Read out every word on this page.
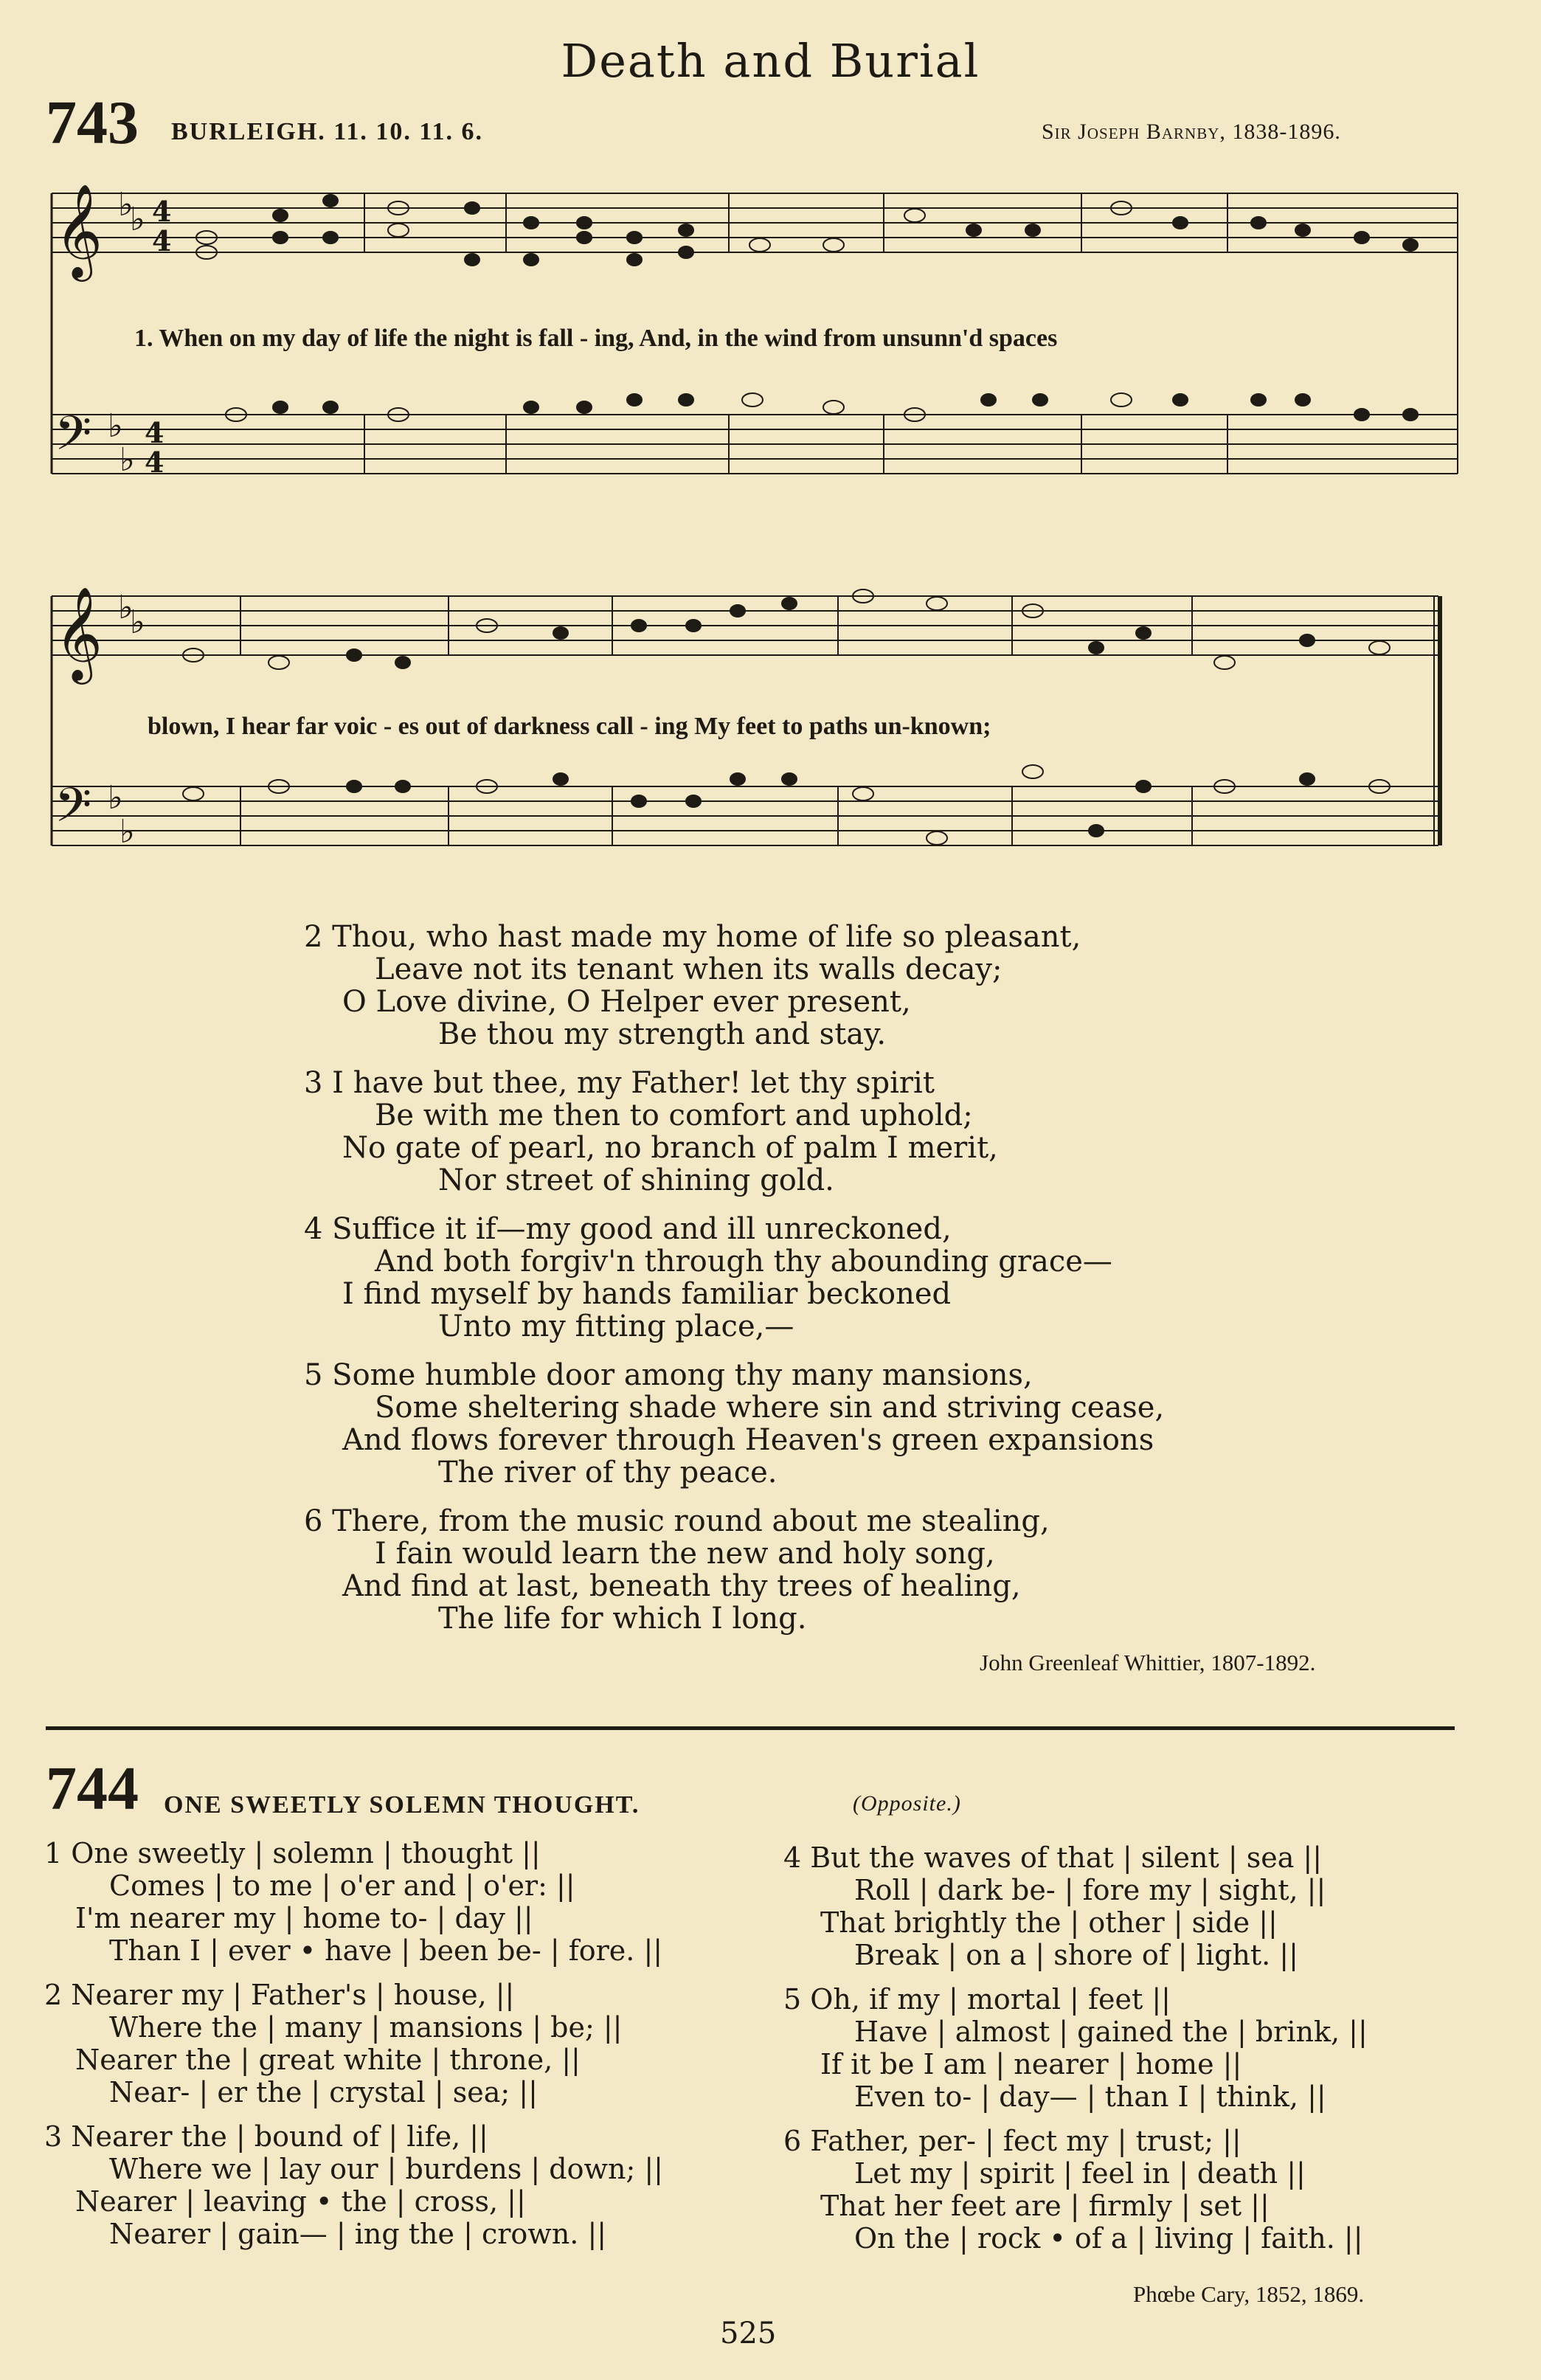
Death and Burial
743 BURLEIGH. 11. 10. 11. 6.	Sir Joseph Barnby, 1838-1896.
𝄞
𝄢
𝄞
𝄢
♭
♭
♭
♭
♭
♭
♭
♭
4
4
4
4
1. When on my day of life the night is fall - ing, And, in the wind from unsunn'd spaces
blown, I hear far voic - es out of darkness call - ing My feet to paths un-known;
2 Thou, who hast made my home of life so pleasant,
Leave not its tenant when its walls decay;
O Love divine, O Helper ever present,
Be thou my strength and stay.
3 I have but thee, my Father! let thy spirit
Be with me then to comfort and uphold;
No gate of pearl, no branch of palm I merit,
Nor street of shining gold.
4 Suffice it if—my good and ill unreckoned,
And both forgiv'n through thy abounding grace—
I find myself by hands familiar beckoned
Unto my fitting place,—
5 Some humble door among thy many mansions,
Some sheltering shade where sin and striving cease,
And flows forever through Heaven's green expansions
The river of thy peace.
6 There, from the music round about me stealing,
I fain would learn the new and holy song,
And find at last, beneath thy trees of healing,
The life for which I long.
John Greenleaf Whittier, 1807-1892.
744 ONE SWEETLY SOLEMN THOUGHT.	(Opposite.)
1 One sweetly | solemn | thought ||
Comes | to me | o'er and | o'er: ||
I'm nearer my | home to- | day ||
Than I | ever • have | been be- | fore. ||
2 Nearer my | Father's | house, ||
Where the | many | mansions | be; ||
Nearer the | great white | throne, ||
Near- | er the | crystal | sea; ||
3 Nearer the | bound of | life, ||
Where we | lay our | burdens | down; ||
Nearer | leaving • the | cross, ||
Nearer | gain— | ing the | crown. ||
4 But the waves of that | silent | sea ||
Roll | dark be- | fore my | sight, ||
That brightly the | other | side ||
Break | on a | shore of | light. ||
5 Oh, if my | mortal | feet ||
Have | almost | gained the | brink, ||
If it be I am | nearer | home ||
Even to- | day— | than I | think, ||
6 Father, per- | fect my | trust; ||
Let my | spirit | feel in | death ||
That her feet are | firmly | set ||
On the | rock • of a | living | faith. ||
Phœbe Cary, 1852, 1869.
525
